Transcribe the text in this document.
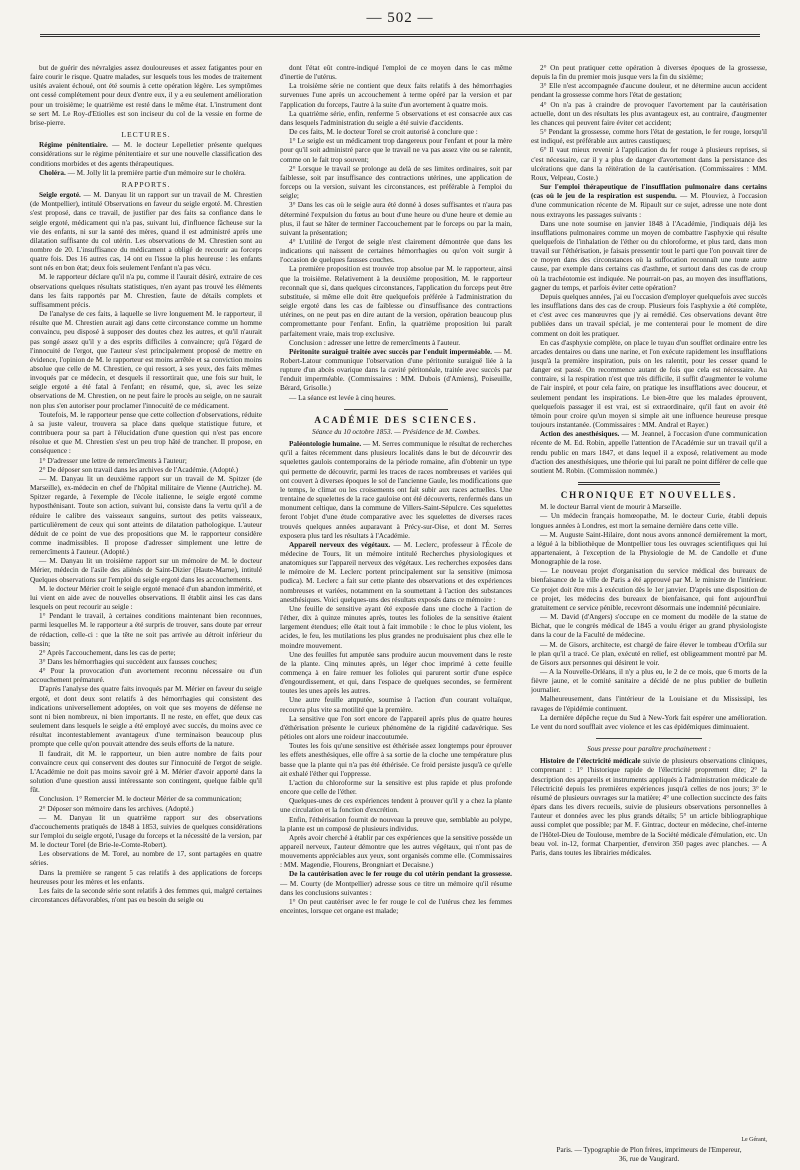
— 502 —

but de guérir des névralgies assez douloureuses et assez fatigantes pour en faire courir le risque. Quatre malades, sur lesquels tous les modes de traitement usités avaient échoué, ont été soumis à cette opération légère. Les symptômes ont cessé complétement pour deux d'entre eux, il y a eu seulement amélioration pour un troisième; le quatrième est resté dans le même état. L'instrument dont se sert M. Le Roy-d'Etiolles est son inciseur du col de la vessie en forme de brise-pierre.

LECTURES.

Régime pénitentiaire. — M. le docteur Lepelletier présente quelques considérations sur le régime pénitentiaire et sur une nouvelle classification des conditions morbides et des agents thérapeutiques.

Choléra. — M. Jolly lit la première partie d'un mémoire sur le choléra.

RAPPORTS.

Seigle ergoté. — M. Danyau lit un rapport sur un travail de M. Chrestien (de Montpellier), intitulé Observations en faveur du seigle ergoté. M. Chrestien s'est proposé, dans ce travail, de justifier par des faits sa confiance dans le seigle ergoté, médicament qui n'a pas, suivant lui, d'influence fâcheuse sur la vie des enfants, ni sur la santé des mères, quand il est administré après une dilatation suffisante du col utérin. Les observations de M. Chrestien sont au nombre de 20. L'insuffisance du médicament a obligé de recourir au forceps quatre fois. Des 16 autres cas, 14 ont eu l'issue la plus heureuse : les enfants sont nés en bon état; deux fois seulement l'enfant n'a pas vécu.

M. le rapporteur déclare qu'il n'a pu, comme il l'aurait désiré, extraire de ces observations quelques résultats statistiques, n'en ayant pas trouvé les éléments dans les faits rapportés par M. Chrestien, faute de détails complets et suffisamment précis.

De l'analyse de ces faits, à laquelle se livre longuement M. le rapporteur, il résulte que M. Chrestien aurait agi dans cette circonstance comme un homme convaincu, peu disposé à supposer des doutes chez les autres, et qu'il n'aurait pas songé assez qu'il y a des esprits difficiles à convaincre; qu'à l'égard de l'innocuité de l'ergot, que l'auteur s'est principalement proposé de mettre en évidence, l'opinion de M. le rapporteur est moins arrêtée et sa conviction moins absolue que celle de M. Chrestien, ce qui ressort, à ses yeux, des faits mêmes invoqués par ce médecin, et desquels il ressortirait que, une fois sur huit, le seigle ergoté a été fatal à l'enfant; en résumé, que, si, avec les seize observations de M. Chrestien, on ne peut faire le procès au seigle, on ne saurait non plus s'en autoriser pour proclamer l'innocuité de ce médicament.

Toutefois, M. le rapporteur pense que cette collection d'observations, réduite à sa juste valeur, trouvera sa place dans quelque statistique future, et contribuera pour sa part à l'élucidation d'une question qui n'est pas encore résolue et que M. Chrestien s'est un peu trop hâté de trancher. Il propose, en conséquence :

1° D'adresser une lettre de remercîments à l'auteur;

2° De déposer son travail dans les archives de l'Académie. (Adopté.)

— M. Danyau lit un deuxième rapport sur un travail de M. Spitzer (de Marseille), ex-médecin en chef de l'hôpital militaire de Vienne (Autriche). M. Spitzer regarde, à l'exemple de l'école italienne, le seigle ergoté comme hyposthénisant. Toute son action, suivant lui, consiste dans la vertu qu'il a de réduire le calibre des vaisseaux sanguins, surtout des petits vaisseaux, particulièrement de ceux qui sont atteints de dilatation pathologique. L'auteur déduit de ce point de vue des propositions que M. le rapporteur considère comme inadmissibles. Il propose d'adresser simplement une lettre de remercîments à l'auteur. (Adopté.)

— M. Danyau lit un troisième rapport sur un mémoire de M. le docteur Mérier, médecin de l'asile des aliénés de Saint-Dizier (Haute-Marne), intitulé Quelques observations sur l'emploi du seigle ergoté dans les accouchements.

M. le docteur Mérier croit le seigle ergoté menacé d'un abandon immérité, et lui vient en aide avec de nouvelles observations. Il établit ainsi les cas dans lesquels on peut recourir au seigle :

1° Pendant le travail, à certaines conditions maintenant bien reconnues, parmi lesquelles M. le rapporteur a été surpris de trouver, sans doute par erreur de rédaction, celle-ci : que la tête ne soit pas arrivée au détroit inférieur du bassin;

2° Après l'accouchement, dans les cas de perte;

3° Dans les hémorrhagies qui succèdent aux fausses couches;

4° Pour la provocation d'un avortement reconnu nécessaire ou d'un accouchement prématuré.

D'après l'analyse des quatre faits invoqués par M. Mérier en faveur du seigle ergoté, et dont deux sont relatifs à des hémorrhagies qui consistent des indications universellement adoptées, on voit que ses moyens de défense ne sont ni bien nombreux, ni bien importants. Il ne reste, en effet, que deux cas seulement dans lesquels le seigle a été employé avec succès, du moins avec ce résultat incontestablement avantageux d'une terminaison beaucoup plus prompte que celle qu'on pouvait attendre des seuls efforts de la nature.

Il faudrait, dit M. le rapporteur, un bien autre nombre de faits pour convaincre ceux qui conservent des doutes sur l'innocuité de l'ergot de seigle. L'Académie ne doit pas moins savoir gré à M. Mérier d'avoir apporté dans la solution d'une question aussi intéressante son contingent, quelque faible qu'il fût.

Conclusion. 1° Remercier M. le docteur Mérier de sa communication;

2° Déposer son mémoire dans les archives. (Adopté.)

— M. Danyau lit un quatrième rapport sur des observations d'accouchements pratiqués de 1848 à 1853, suivies de quelques considérations sur l'emploi du seigle ergoté, l'usage du forceps et la nécessité de la version, par M. le docteur Torel (de Brie-le-Comte-Robert).

Les observations de M. Torel, au nombre de 17, sont partagées en quatre séries.

Dans la première se rangent 5 cas relatifs à des applications de forceps heureuses pour les mères et les enfants.

Les faits de la seconde série sont relatifs à des femmes qui, malgré certaines circonstances défavorables, n'ont pas eu besoin du seigle ou

dont l'état eût contre-indiqué l'emploi de ce moyen dans le cas même d'inertie de l'utérus.

La troisième série ne contient que deux faits relatifs à des hémorrhagies survenues l'une après un accouchement à terme opéré par la version et par l'application du forceps, l'autre à la suite d'un avortement à quatre mois.

La quatrième série, enfin, renferme 5 observations et est consacrée aux cas dans lesquels l'administration du seigle a été suivie d'accidents.

De ces faits, M. le docteur Torel se croit autorisé à conclure que :

1° Le seigle est un médicament trop dangereux pour l'enfant et pour la mère pour qu'il soit administré parce que le travail ne va pas assez vite ou se ralentit, comme on le fait trop souvent;

2° Lorsque le travail se prolonge au delà de ses limites ordinaires, soit par faiblesse, soit par insuffisance des contractions utérines, une application de forceps ou la version, suivant les circonstances, est préférable à l'emploi du seigle;

3° Dans les cas où le seigle aura été donné à doses suffisantes et n'aura pas déterminé l'expulsion du fœtus au bout d'une heure ou d'une heure et demie au plus, il faut se hâter de terminer l'accouchement par le forceps ou par la main, suivant la présentation;

4° L'utilité de l'ergot de seigle n'est clairement démontrée que dans les indications qui naissent de certaines hémorrhagies ou qu'on voit surgir à l'occasion de quelques fausses couches.

La première proposition est trouvée trop absolue par M. le rapporteur, ainsi que la troisième. Relativement à la deuxième proposition, M. le rapporteur reconnaît que si, dans quelques circonstances, l'application du forceps peut être substituée, si même elle doit être quelquefois préférée à l'administration du seigle ergoté dans les cas de faiblesse ou d'insuffisance des contractions utérines, on ne peut pas en dire autant de la version, opération beaucoup plus compromettante pour l'enfant. Enfin, la quatrième proposition lui paraît parfaitement vraie, mais trop exclusive.

Conclusion : adresser une lettre de remercîments à l'auteur.

Péritonite suraiguë traitée avec succès par l'enduit imperméable. — M. Robert-Latour communique l'observation d'une péritonite suraiguë liée à la rupture d'un abcès ovarique dans la cavité péritonéale, traitée avec succès par l'enduit imperméable. (Commissaires : MM. Dubois (d'Amiens), Poiseuille, Bérard, Grisolle.)

— La séance est levée à cinq heures.

ACADÉMIE DES SCIENCES.

Séance du 10 octobre 1853. — Présidence de M. Combes.

Paléontologie humaine. — M. Serres communique le résultat de recherches qu'il a faites récemment dans plusieurs localités dans le but de découvrir des squelettes gaulois contemporains de la période romaine, afin d'obtenir un type qui permette de découvrir, parmi les traces de races nombreuses et variées qui ont couvert à diverses époques le sol de l'ancienne Gaule, les modifications que le temps, le climat ou les croisements ont fait subir aux races actuelles. Une trentaine de squelettes de la race gauloise ont été découverts, renfermés dans un monument celtique, dans la commune de Villers-Saint-Sépulcre. Ces squelettes feront l'objet d'une étude comparative avec les squelettes de diverses races trouvés quelques années auparavant à Précy-sur-Oise, et dont M. Serres exposera plus tard les résultats à l'Académie.

Appareil nerveux des végétaux. — M. Leclerc, professeur à l'École de médecine de Tours, lit un mémoire intitulé Recherches physiologiques et anatomiques sur l'appareil nerveux des végétaux. Les recherches exposées dans le mémoire de M. Leclerc portent principalement sur la sensitive (mimosa pudica). M. Leclerc a fait sur cette plante des observations et des expériences nombreuses et variées, notamment en la soumettant à l'action des substances anesthésiques. Voici quelques-uns des résultats exposés dans ce mémoire :

Une feuille de sensitive ayant été exposée dans une cloche à l'action de l'éther, dix à quinze minutes après, toutes les folioles de la sensitive étaient largement étendues; elle était tout à fait immobile : le choc le plus violent, les acides, le feu, les mutilations les plus grandes ne produisaient plus chez elle le moindre mouvement.

Une des feuilles fut amputée sans produire aucun mouvement dans le reste de la plante. Cinq minutes après, un léger choc imprimé à cette feuille commença à en faire remuer les folioles qui parurent sortir d'une espèce d'engourdissement, et qui, dans l'espace de quelques secondes, se fermèrent toutes les unes après les autres.

Une autre feuille amputée, soumise à l'action d'un courant voltaïque, recouvra plus vite sa motilité que la première.

La sensitive que l'on sort encore de l'appareil après plus de quatre heures d'éthérisation présente le curieux phénomène de la rigidité cadavérique. Ses pétioles ont alors une roideur inaccoutumée.

Toutes les fois qu'une sensitive est éthérisée assez longtemps pour éprouver les effets anesthésiques, elle offre à sa sortie de la cloche une température plus basse que la plante qui n'a pas été éthérisée. Ce froid persiste jusqu'à ce qu'elle ait exhalé l'éther qui l'oppresse.

L'action du chloroforme sur la sensitive est plus rapide et plus profonde encore que celle de l'éther.

Quelques-unes de ces expériences tendent à prouver qu'il y a chez la plante une circulation et la fonction d'excrétion.

Enfin, l'éthérisation fournit de nouveau la preuve que, semblable au polype, la plante est un composé de plusieurs individus.

Après avoir cherché à établir par ces expériences que la sensitive possède un appareil nerveux, l'auteur démontre que les autres végétaux, qui n'ont pas de mouvements appréciables aux yeux, sont organisés comme elle. (Commissaires : MM. Magendie, Flourens, Brongniart et Decaisne.)

De la cautérisation avec le fer rouge du col utérin pendant la grossesse. — M. Courty (de Montpellier) adresse sous ce titre un mémoire qu'il résume dans les conclusions suivantes :

1° On peut cautériser avec le fer rouge le col de l'utérus chez les femmes enceintes, lorsque cet organe est malade;

2° On peut pratiquer cette opération à diverses époques de la grossesse, depuis la fin du premier mois jusque vers la fin du sixième;

3° Elle n'est accompagnée d'aucune douleur, et ne détermine aucun accident pendant la grossesse comme hors l'état de gestation;

4° On n'a pas à craindre de provoquer l'avortement par la cautérisation actuelle, dont un des résultats les plus avantageux est, au contraire, d'augmenter les chances qui peuvent faire éviter cet accident;

5° Pendant la grossesse, comme hors l'état de gestation, le fer rouge, lorsqu'il est indiqué, est préférable aux autres caustiques;

6° Il vaut mieux revenir à l'application du fer rouge à plusieurs reprises, si c'est nécessaire, car il y a plus de danger d'avortement dans la persistance des ulcérations que dans la réitération de la cautérisation. (Commissaires : MM. Roux, Velpeau, Coste.)

Sur l'emploi thérapeutique de l'insufflation pulmonaire dans certains (cas où le jeu de la respiration est suspendu. — M. Plouviez, à l'occasion d'une communication récente de M. Ripault sur ce sujet, adresse une note dont nous extrayons les passages suivants :

Dans une note soumise en janvier 1848 à l'Académie, j'indiquais déjà les insufflations pulmonaires comme un moyen de combattre l'asphyxie qui résulte quelquefois de l'inhalation de l'éther ou du chloroforme, et plus tard, dans mon travail sur l'éthérisation, je faisais pressentir tout le parti que l'on pouvait tirer de ce moyen dans des circonstances où la suffocation reconnaît une toute autre cause, par exemple dans certains cas d'asthme, et surtout dans des cas de croup où la trachéotomie est indiquée. Ne pourrait-on pas, au moyen des insufflations, gagner du temps, et parfois éviter cette opération?

Depuis quelques années, j'ai eu l'occasion d'employer quelquefois avec succès les insufflations dans des cas de croup. Plusieurs fois l'asphyxie a été complète, et c'est avec ces manœuvres que j'y ai remédié. Ces observations devant être publiées dans un travail spécial, je me contenterai pour le moment de dire comment on doit les pratiquer.

En cas d'asphyxie complète, on place le tuyau d'un soufflet ordinaire entre les arcades dentaires ou dans une narine, et l'on exécute rapidement les insufflations jusqu'à la première inspiration, puis on les ralentit, pour les cesser quand le danger est passé. On recommence autant de fois que cela est nécessaire. Au contraire, si la respiration n'est que très difficile, il suffit d'augmenter le volume de l'air inspiré, et pour cela faire, on pratique les insufflations avec douceur, et seulement pendant les inspirations. Le bien-être que les malades éprouvent, quelquefois passager il est vrai, est si extraordinaire, qu'il faut en avoir été témoin pour croire qu'un moyen si simple ait une influence heureuse presque toujours instantanée. (Commissaires : MM. Andral et Rayer.)

Action des anesthésiques. — M. Jeannel, à l'occasion d'une communication récente de M. Ed. Robin, appelle l'attention de l'Académie sur un travail qu'il a rendu public en mars 1847, et dans lequel il a exposé, relativement au mode d'action des anesthésiques, une théorie qui lui paraît ne point différer de celle que soutient M. Robin. (Commission nommée.)

CHRONIQUE ET NOUVELLES.

M. le docteur Barral vient de mourir à Marseille.

— Un médecin français homœopathe, M. le docteur Curie, établi depuis longues années à Londres, est mort la semaine dernière dans cette ville.

— M. Auguste Saint-Hilaire, dont nous avons annoncé dernièrement la mort, a légué à la bibliothèque de Montpellier tous les ouvrages scientifiques qui lui appartenaient, à l'exception de la Physiologie de M. de Candolle et d'une Monographie de la rose.

— Le nouveau projet d'organisation du service médical des bureaux de bienfaisance de la ville de Paris a été approuvé par M. le ministre de l'intérieur. Ce projet doit être mis à exécution dès le 1er janvier. D'après une disposition de ce projet, les médecins des bureaux de bienfaisance, qui font aujourd'hui gratuitement ce service pénible, recevront désormais une indemnité pécuniaire.

— M. David (d'Angers) s'occupe en ce moment du modèle de la statue de Bichat, que le congrès médical de 1845 a voulu ériger au grand physiologiste dans la cour de la Faculté de médecine.

— M. de Gisors, architecte, est chargé de faire élever le tombeau d'Orfila sur le plan qu'il a tracé. Ce plan, exécuté en relief, est obligeamment montré par M. de Gisors aux personnes qui désirent le voir.

— A la Nouvelle-Orléans, il n'y a plus eu, le 2 de ce mois, que 6 morts de la fièvre jaune, et le comité sanitaire a décidé de ne plus publier de bulletin journalier.

Malheureusement, dans l'intérieur de la Louisiane et du Mississipi, les ravages de l'épidémie continuent.

La dernière dépêche reçue du Sud à New-York fait espérer une amélioration. Le vent du nord soufflait avec violence et les cas épidémiques diminuaient.

Sous presse pour paraître prochainement :

Histoire de l'électricité médicale suivie de plusieurs observations cliniques, comprenant : 1° l'historique rapide de l'électricité proprement dite; 2° la description des appareils et instruments appliqués à l'administration médicale de l'électricité depuis les premières expériences jusqu'à celles de nos jours; 3° le résumé de plusieurs ouvrages sur la matière; 4° une collection succincte des faits épars dans les divers recueils, suivie de plusieurs observations personnelles à l'auteur et données avec les plus grands détails; 5° un article bibliographique aussi complet que possible; par M. F. Gintrac, docteur en médecine, chef-interne de l'Hôtel-Dieu de Toulouse, membre de la Société médicale d'émulation, etc. Un beau vol. in-12, format Charpentier, d'environ 350 pages avec planches. — A Paris, dans toutes les librairies médicales.

Le Gérant,
Paris. — Typographie de Plon frères, imprimeurs de l'Empereur,
36, rue de Vaugirard.
